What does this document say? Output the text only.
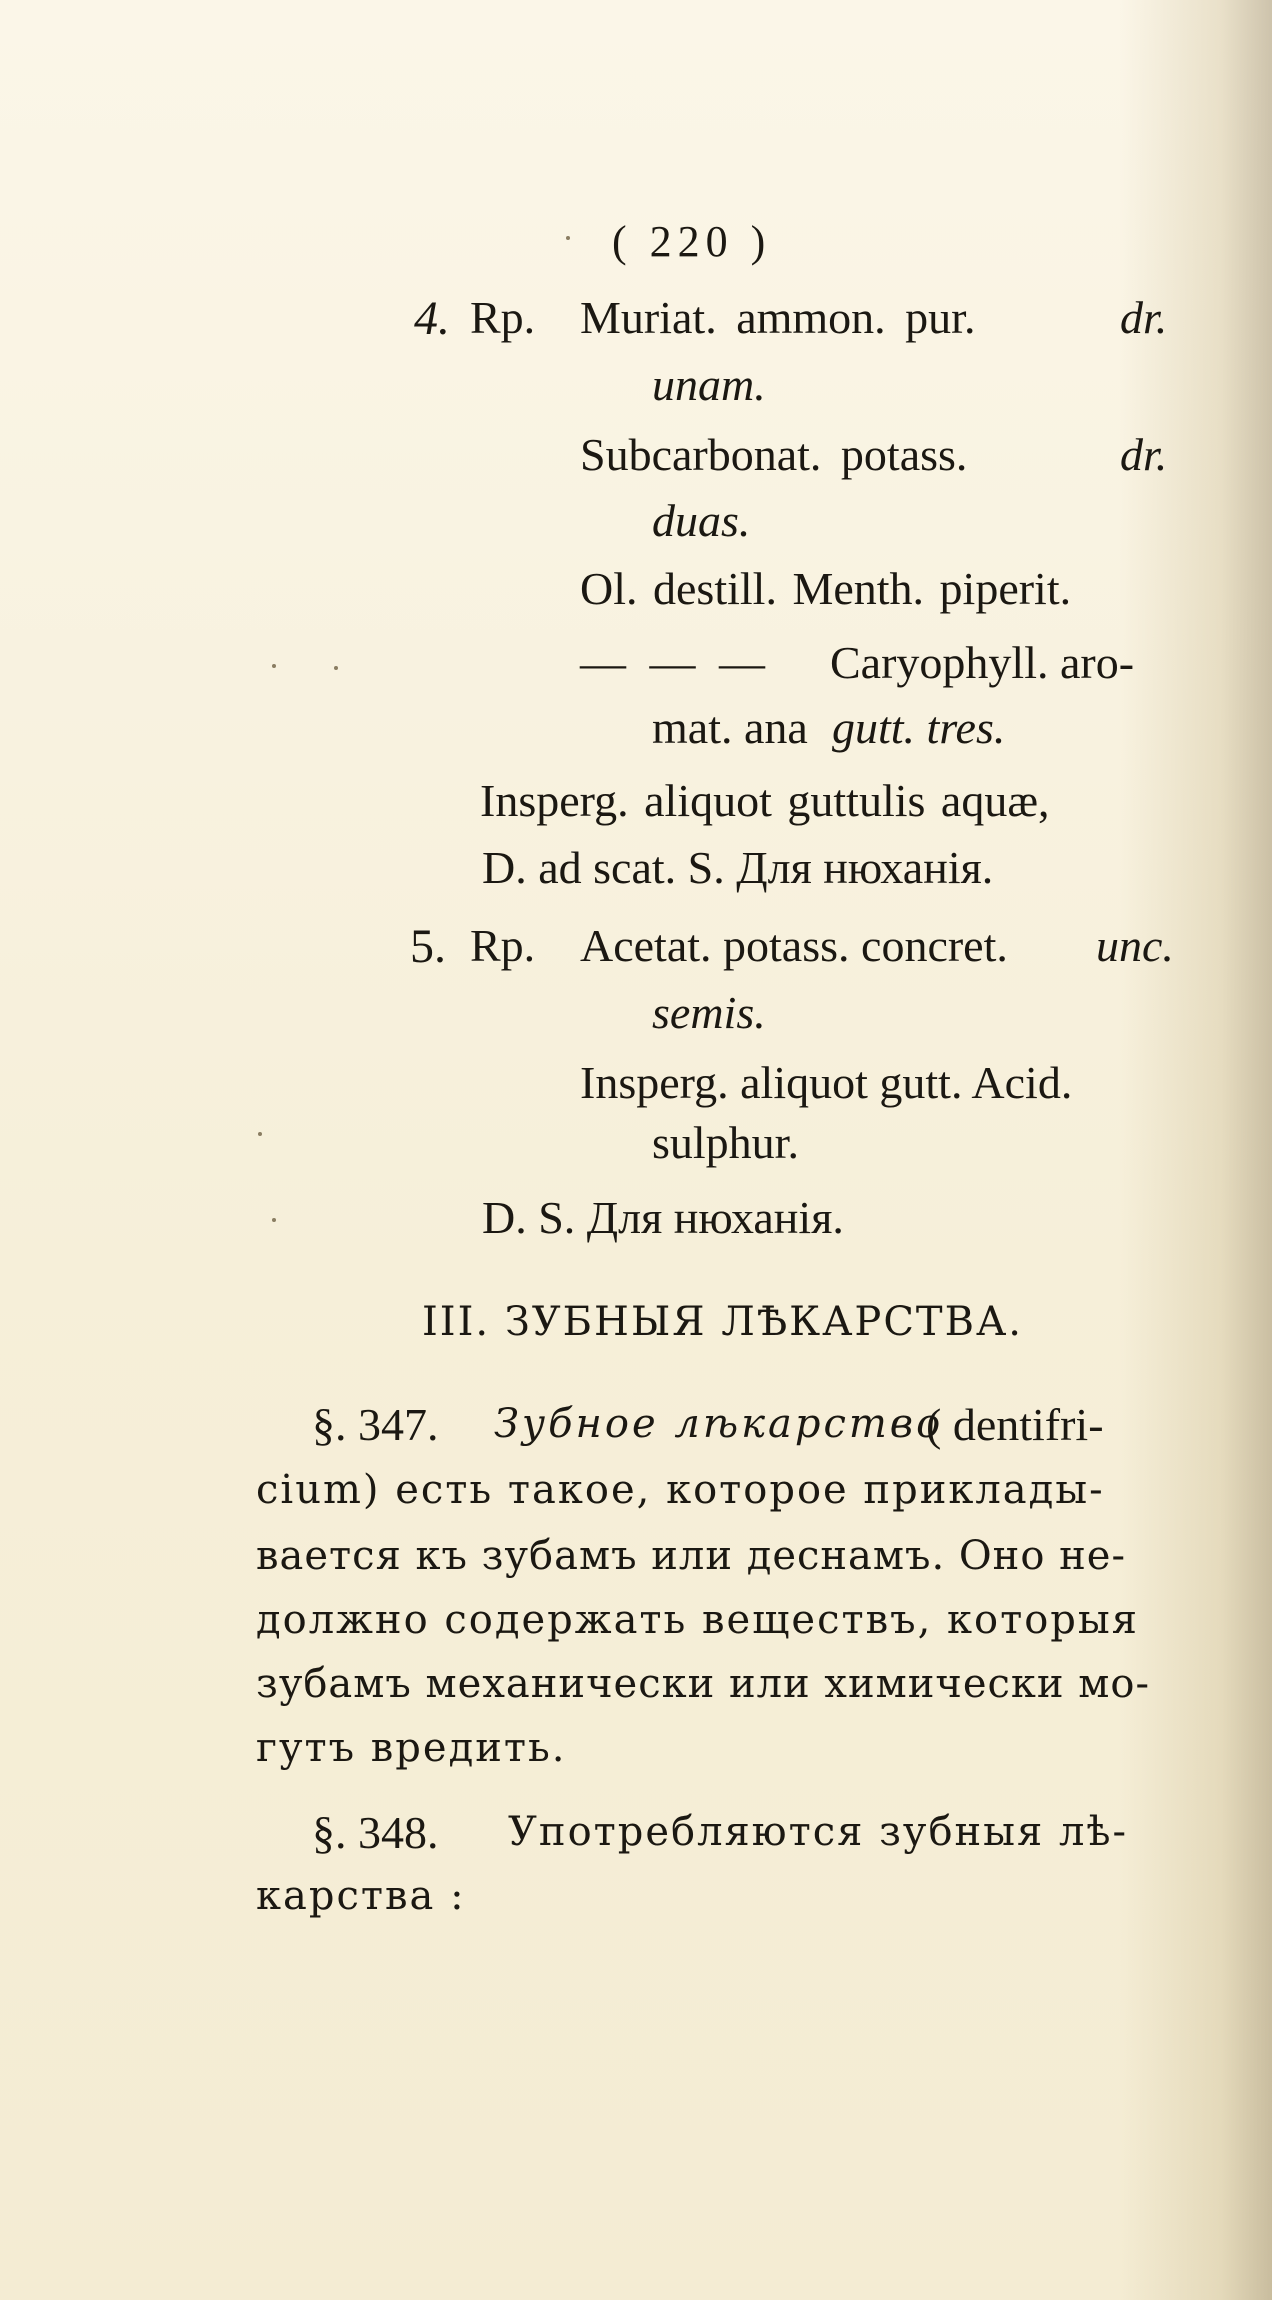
( 220 )
4. Rp. Muriat. ammon. pur.	dr.
unam.
Subcarbonat. potass.	dr.
duas.
Ol. destill. Menth. piperit.
— — — Caryophyll. aro-
mat. ana gutt. tres.
Insperg. aliquot guttulis aquæ,
D. ad scat. S. Для нюханія.
5. Rp. Acetat. potass. concret. unc.
semis.
Insperg. aliquot gutt. Acid.
sulphur.
D. S. Для нюханія.
III. ЗУБНЫЯ ЛѢКАРСТВА.
§. 347. Зубное лѣкарство
( dentifri-
cium) есть такое, которое приклады-
вается къ зубамъ или деснамъ. Оно не-
должно содержать веществъ, которыя
зубамъ механически или химически мо-
гутъ вредить.
§. 348. Употребляются зубныя лѣ-
карства :
